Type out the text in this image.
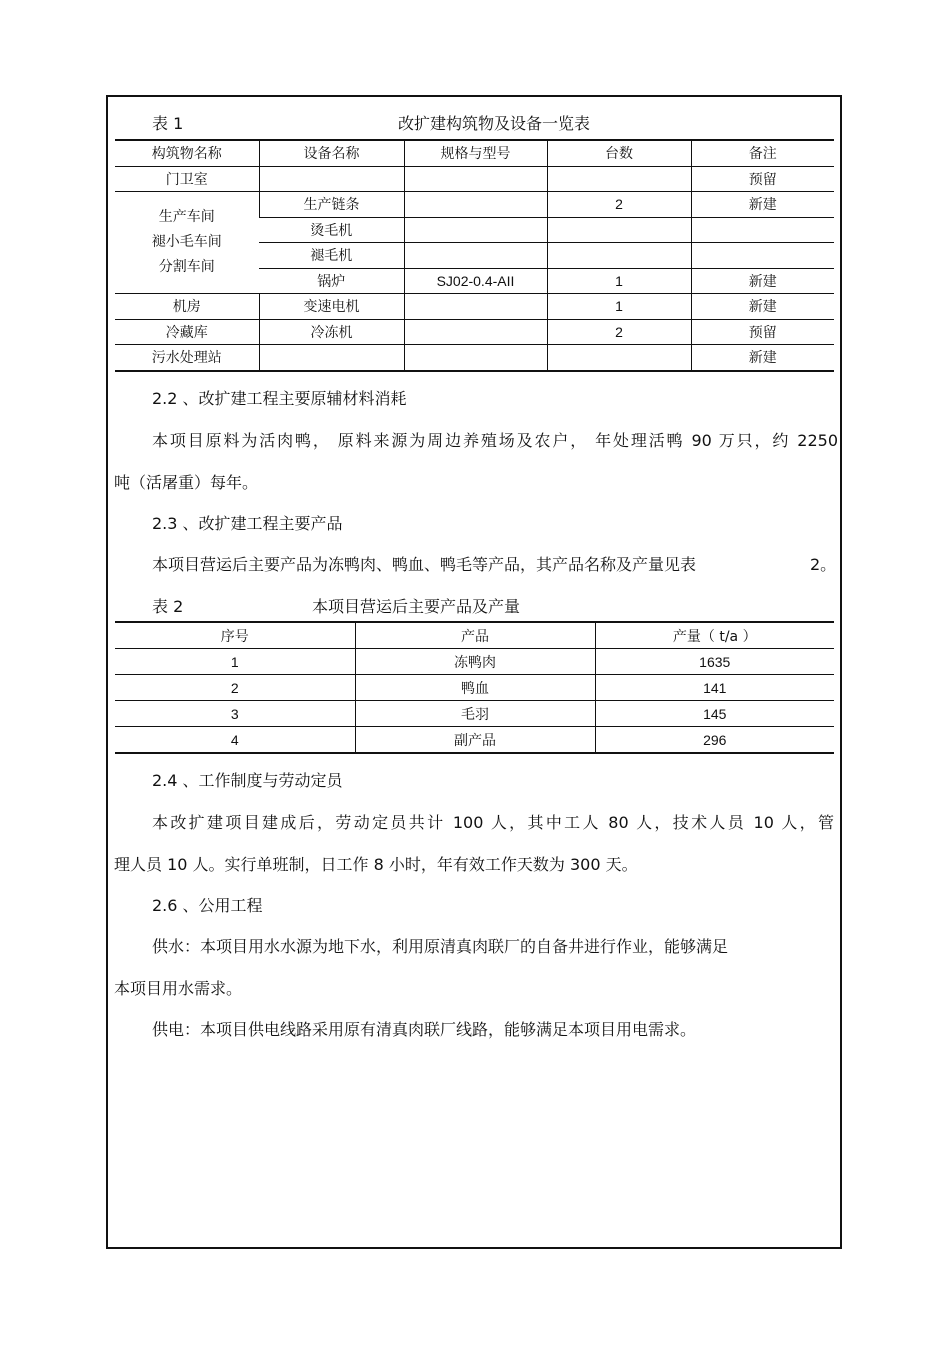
表 1	改扩建构筑物及设备一览表
构筑物名称	设备名称	规格与型号	台数	备注
门卫室				预留
生产车间
褪小毛车间
分割车间	生产链条		2	新建
	烫毛机			
	褪毛机			
	锅炉	SJ02-0.4-AII	1	新建
机房	变速电机		1	新建
冷藏库	冷冻机		2	预留
污水处理站				新建
2.2 、改扩建工程主要原辅材料消耗
本项目原料为活肉鸭， 原料来源为周边养殖场及农户， 年处理活鸭 90 万只，约 2250
吨（活屠重）每年。
2.3 、改扩建工程主要产品
本项目营运后主要产品为冻鸭肉、鸭血、鸭毛等产品，其产品名称及产量见表	2。
表 2	本项目营运后主要产品及产量
序号	产品	产量（ t/a ）
1	冻鸭肉	1635
2	鸭血	141
3	毛羽	145
4	副产品	296
2.4 、工作制度与劳动定员
本改扩建项目建成后，劳动定员共计 100 人，其中工人 80 人，技术人员 10 人，管
理人员 10 人。实行单班制，日工作 8 小时，年有效工作天数为 300 天。
2.6 、公用工程
供水：本项目用水水源为地下水，利用原清真肉联厂的自备井进行作业，能够满足
本项目用水需求。
供电：本项目供电线路采用原有清真肉联厂线路，能够满足本项目用电需求。
